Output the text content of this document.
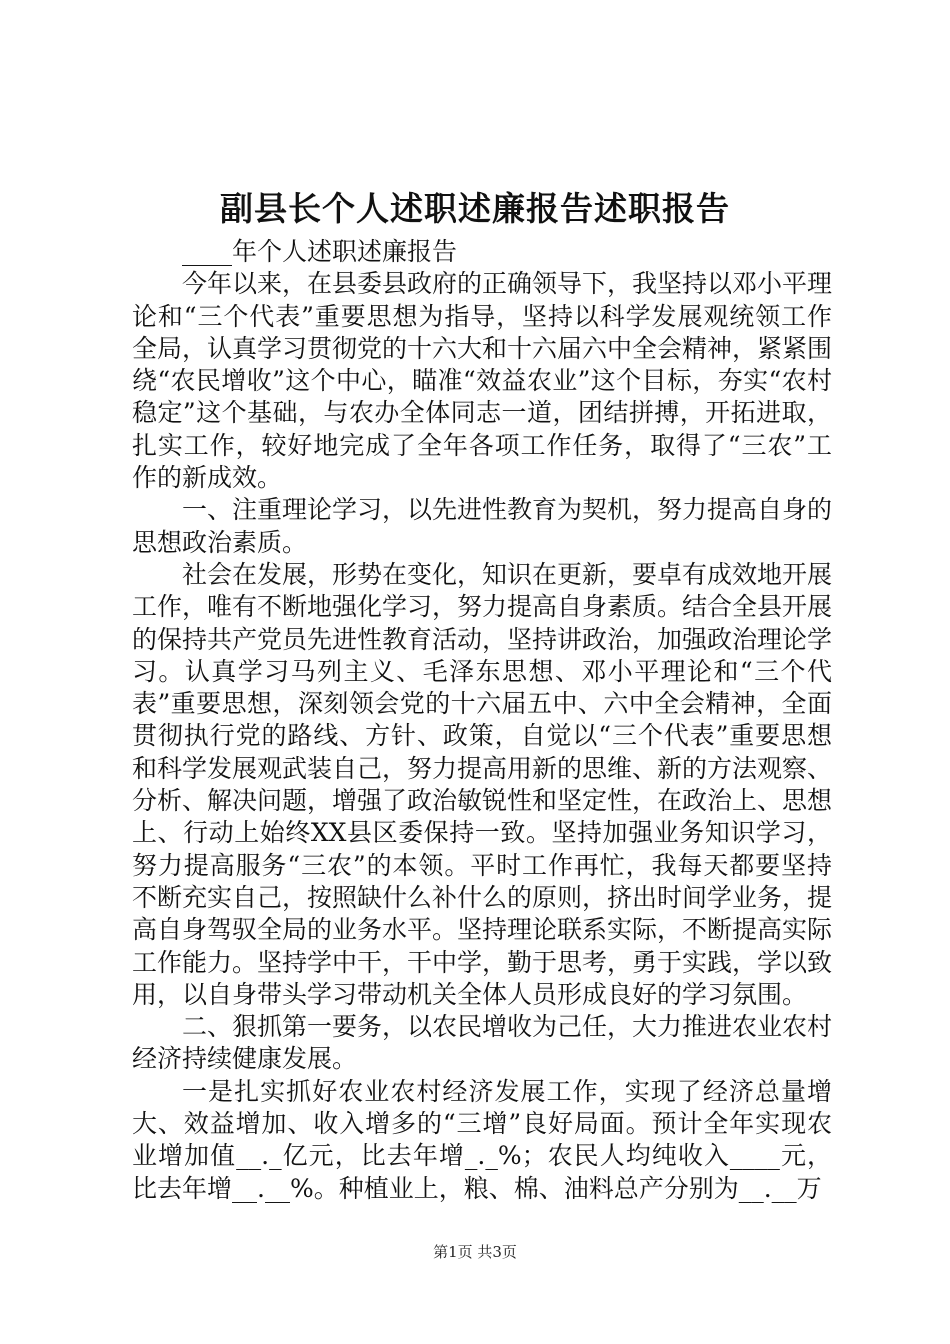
副县长个人述职述廉报告述职报告

____年个人述职述廉报告

今年以来，在县委县政府的正确领导下，我坚持以邓小平理论和“三个代表”重要思想为指导，坚持以科学发展观统领工作全局，认真学习贯彻党的十六大和十六届六中全会精神，紧紧围绕“农民增收”这个中心，瞄准“效益农业”这个目标，夯实“农村稳定”这个基础，与农办全体同志一道，团结拼搏，开拓进取，扎实工作，较好地完成了全年各项工作任务，取得了“三农”工作的新成效。

一、注重理论学习，以先进性教育为契机，努力提高自身的思想政治素质。

社会在发展，形势在变化，知识在更新，要卓有成效地开展工作，唯有不断地强化学习，努力提高自身素质。结合全县开展的保持共产党员先进性教育活动，坚持讲政治，加强政治理论学习。认真学习马列主义、毛泽东思想、邓小平理论和“三个代表”重要思想，深刻领会党的十六届五中、六中全会精神，全面贯彻执行党的路线、方针、政策，自觉以“三个代表”重要思想和科学发展观武装自己，努力提高用新的思维、新的方法观察、分析、解决问题，增强了政治敏锐性和坚定性，在政治上、思想上、行动上始终XX县区委保持一致。坚持加强业务知识学习，努力提高服务“三农”的本领。平时工作再忙，我每天都要坚持不断充实自己，按照缺什么补什么的原则，挤出时间学业务，提高自身驾驭全局的业务水平。坚持理论联系实际，不断提高实际工作能力。坚持学中干，干中学，勤于思考，勇于实践，学以致用，以自身带头学习带动机关全体人员形成良好的学习氛围。

二、狠抓第一要务，以农民增收为己任，大力推进农业农村经济持续健康发展。

一是扎实抓好农业农村经济发展工作，实现了经济总量增大、效益增加、收入增多的“三增”良好局面。预计全年实现农业增加值__._亿元，比去年增_._%；农民人均纯收入____元，比去年增__.__%。种植业上，粮、棉、油料总产分别为__.__万

第1页 共3页
